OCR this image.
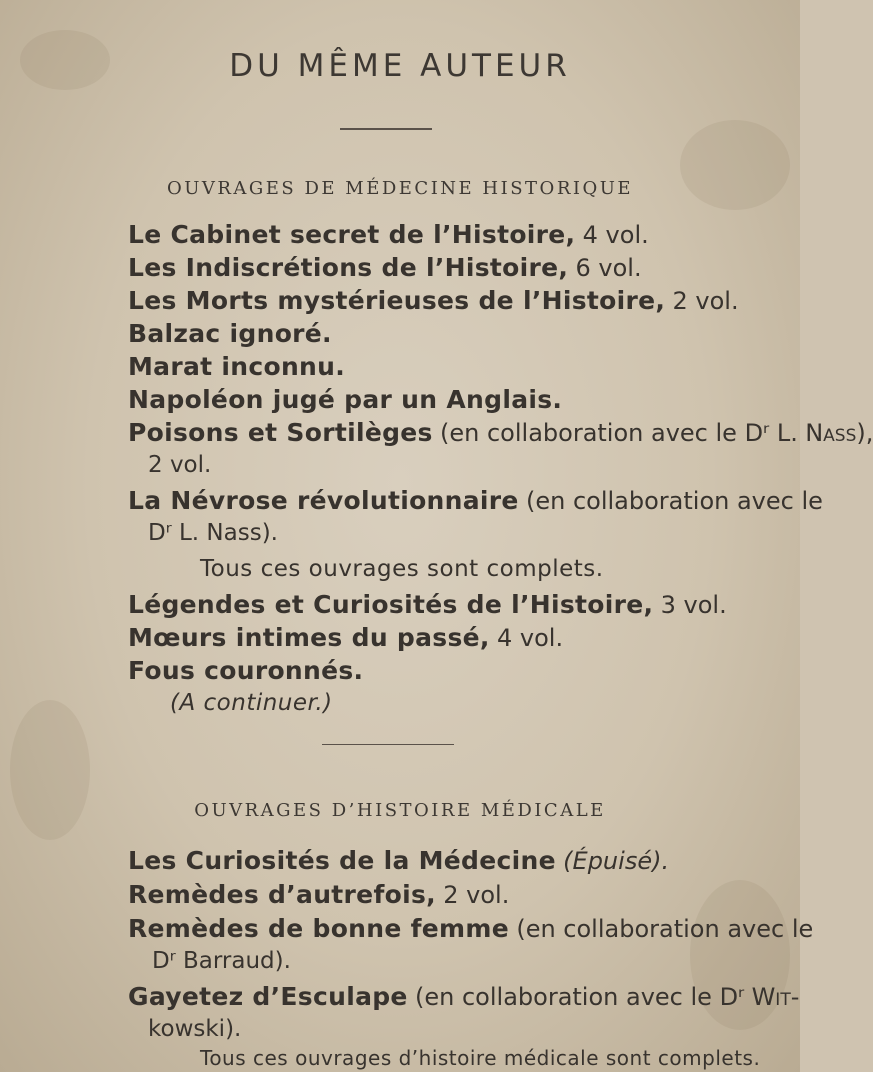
DU MÊME AUTEUR
OUVRAGES DE MÉDECINE HISTORIQUE
Le Cabinet secret de l’Histoire, 4 vol.
Les Indiscrétions de l’Histoire, 6 vol.
Les Morts mystérieuses de l’Histoire, 2 vol.
Balzac ignoré.
Marat inconnu.
Napoléon jugé par un Anglais.
Poisons et Sortilèges (en collaboration avec le Dʳ L. Nass),
2 vol.
La Névrose révolutionnaire (en collaboration avec le
Dʳ L. Nass).
Tous ces ouvrages sont complets.
Légendes et Curiosités de l’Histoire, 3 vol.
Mœurs intimes du passé, 4 vol.
Fous couronnés.
(A continuer.)
OUVRAGES D’HISTOIRE MÉDICALE
Les Curiosités de la Médecine (Épuisé).
Remèdes d’autrefois, 2 vol.
Remèdes de bonne femme (en collaboration avec le
Dʳ Barraud).
Gayetez d’Esculape (en collaboration avec le Dʳ Wit-
kowski).
Tous ces ouvrages d’histoire médicale sont complets.
